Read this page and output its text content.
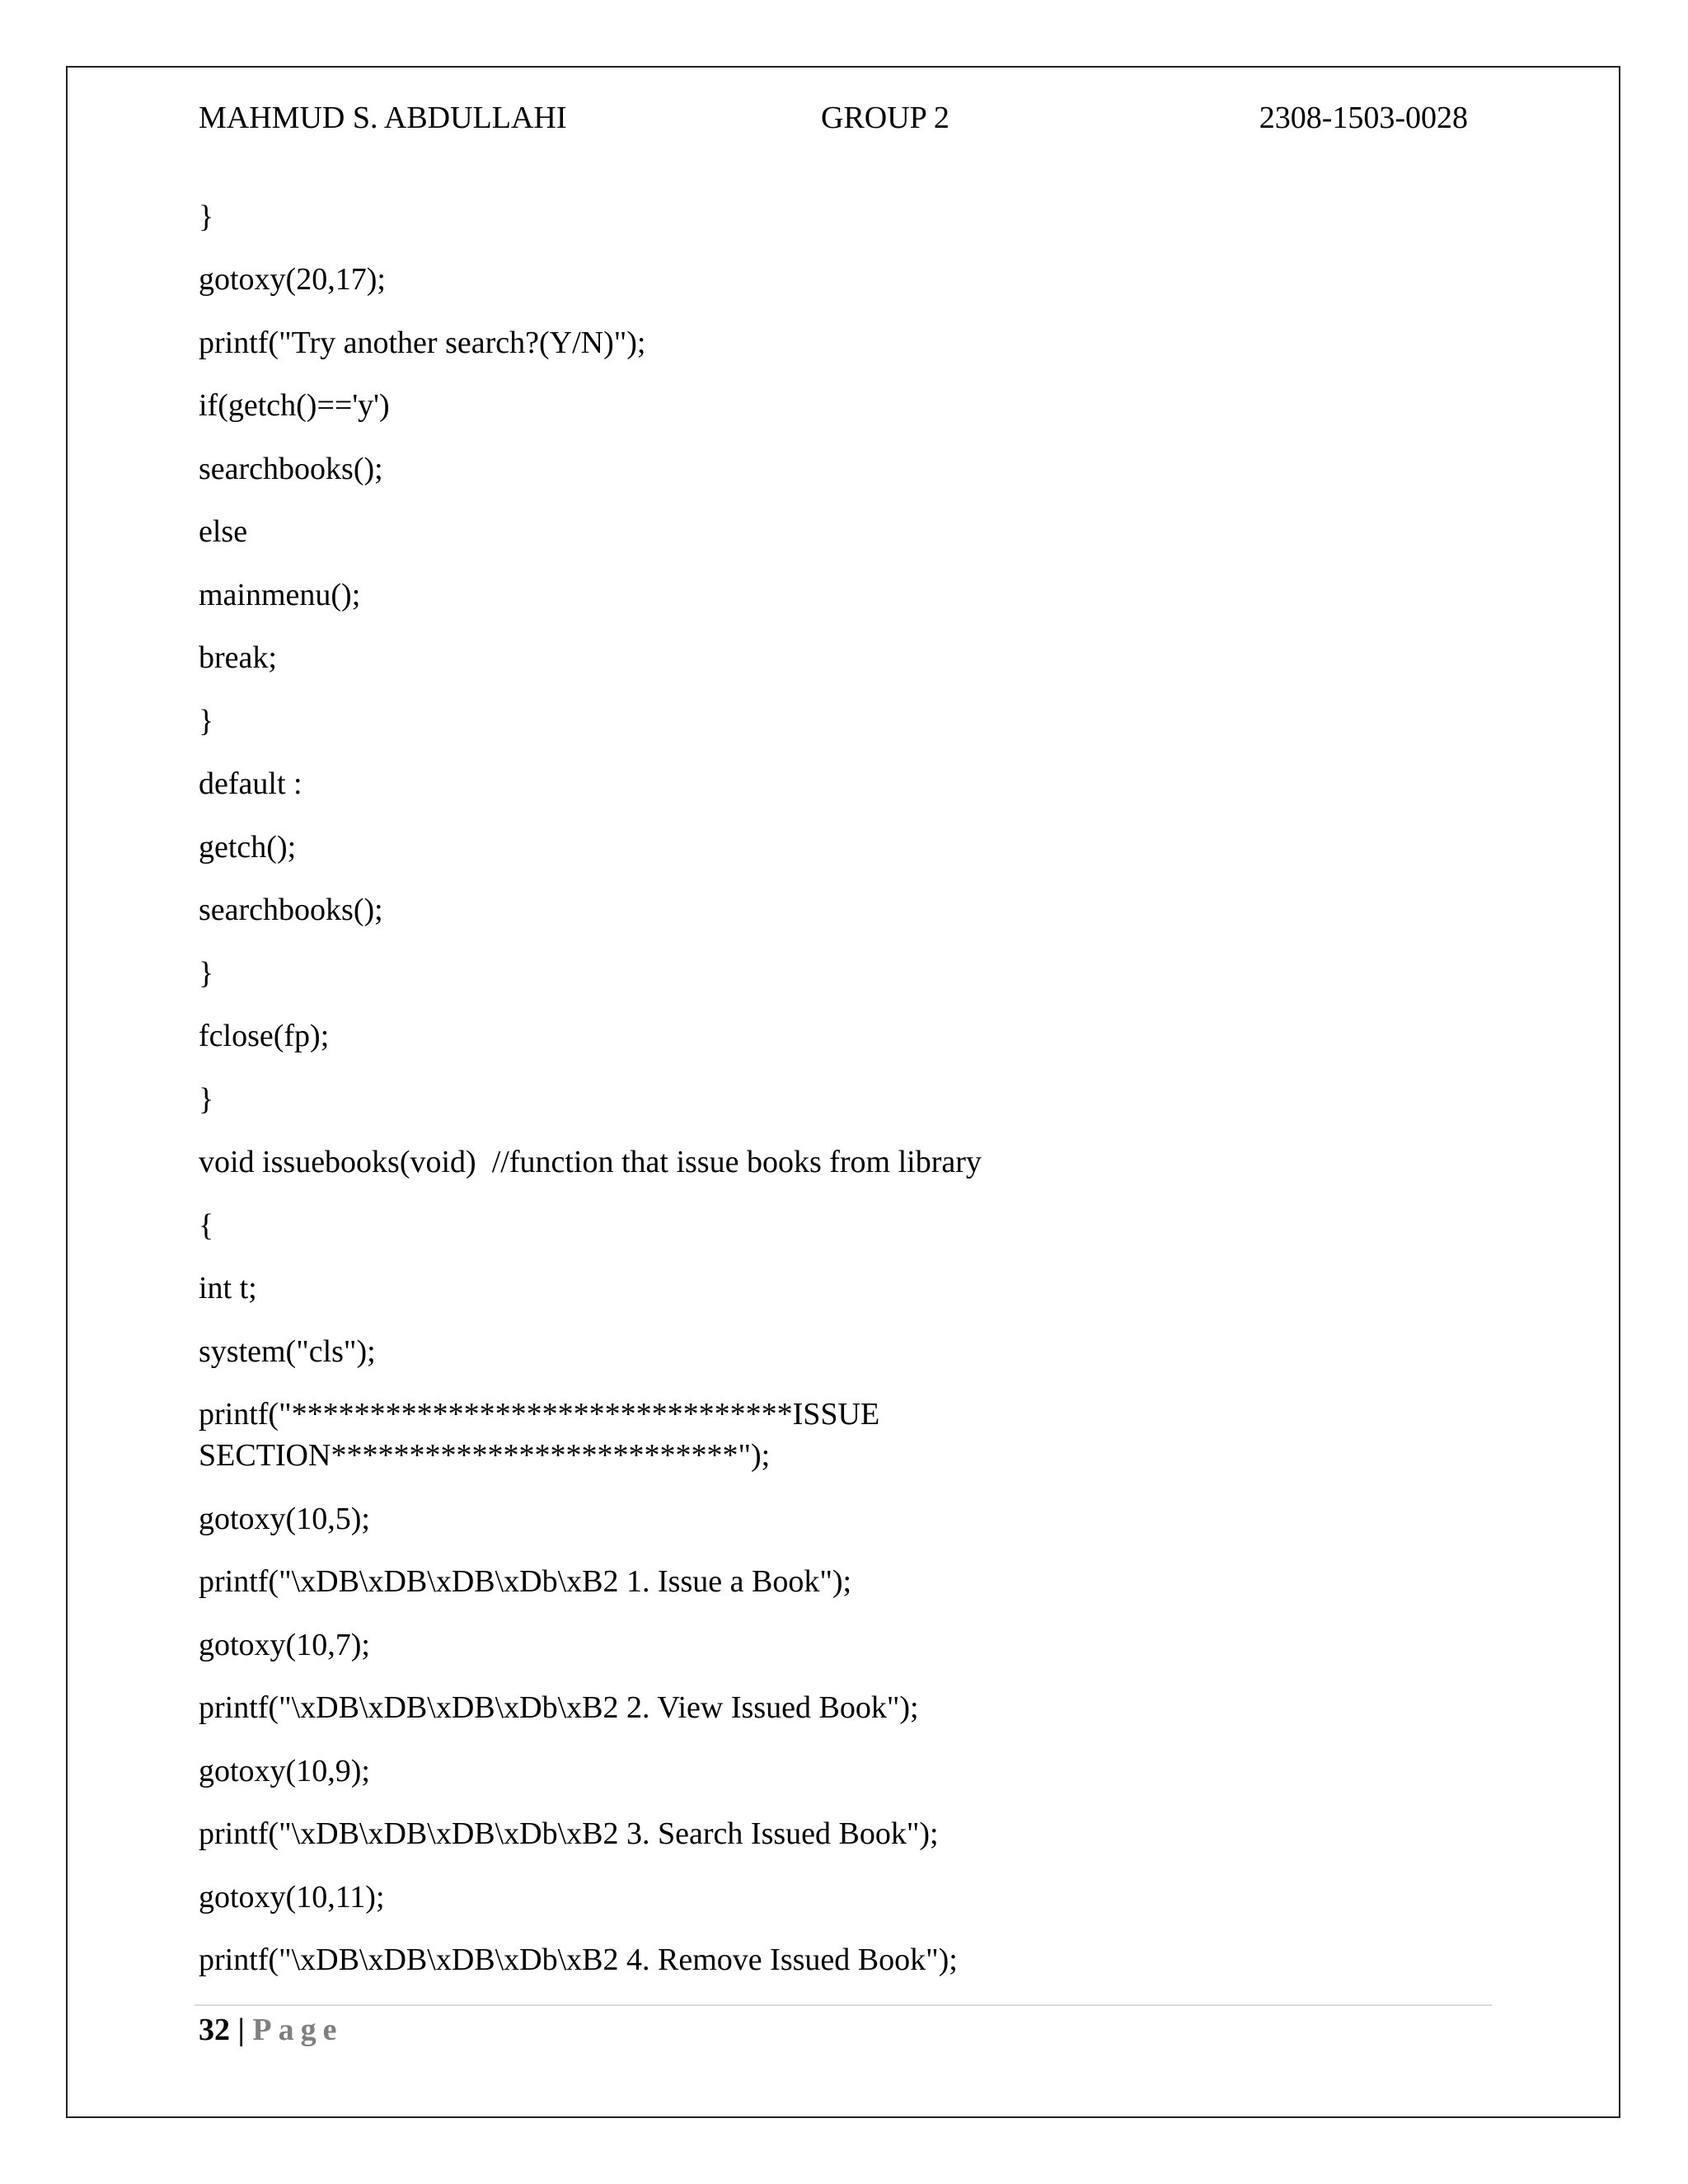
MAHMUD S. ABDULLAHI	GROUP 2	2308-1503-0028
}
gotoxy(20,17);
printf("Try another search?(Y/N)");
if(getch()=='y')
searchbooks();
else
mainmenu();
break;
}
default :
getch();
searchbooks();
}
fclose(fp);
}
void issuebooks(void)  //function that issue books from library
{
int t;
system("cls");
printf("********************************ISSUE
SECTION**************************");
gotoxy(10,5);
printf("\xDB\xDB\xDB\xDb\xB2 1. Issue a Book");
gotoxy(10,7);
printf("\xDB\xDB\xDB\xDb\xB2 2. View Issued Book");
gotoxy(10,9);
printf("\xDB\xDB\xDB\xDb\xB2 3. Search Issued Book");
gotoxy(10,11);
printf("\xDB\xDB\xDB\xDb\xB2 4. Remove Issued Book");
32 | Page
